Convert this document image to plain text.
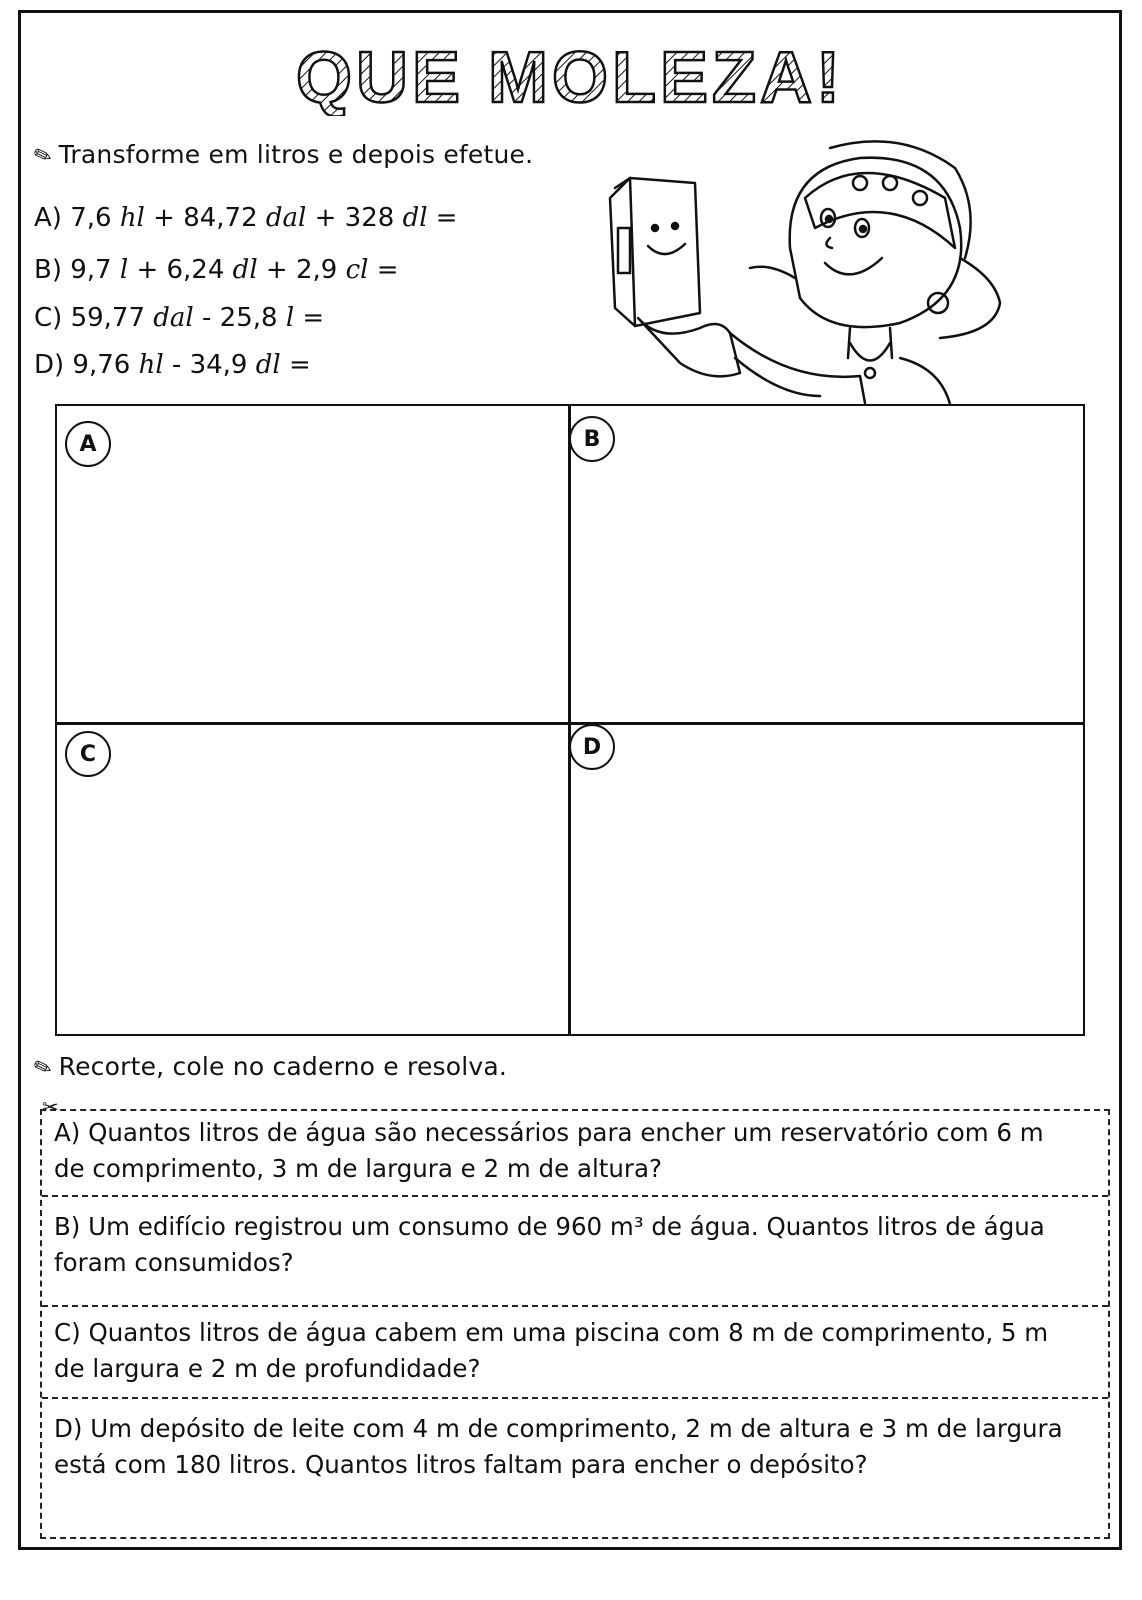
QUE MOLEZA!
✎Transforme em litros e depois efetue.
A) 7,6 hl + 84,72 dal + 328 dl =
B) 9,7 l + 6,24 dl + 2,9 cl =
C) 59,77 dal - 25,8 l =
D) 9,76 hl - 34,9 dl =
A	B
C	D
✎Recorte, cole no caderno e resolva.
✂
A) Quantos litros de água são necessários para encher um reservatório com 6 m
de comprimento, 3 m de largura e 2 m de altura?
B) Um edifício registrou um consumo de 960 m³ de água. Quantos litros de água
foram consumidos?
C) Quantos litros de água cabem em uma piscina com 8 m de comprimento, 5 m
de largura e 2 m de profundidade?
D) Um depósito de leite com 4 m de comprimento, 2 m de altura e 3 m de largura
está com 180 litros. Quantos litros faltam para encher o depósito?
